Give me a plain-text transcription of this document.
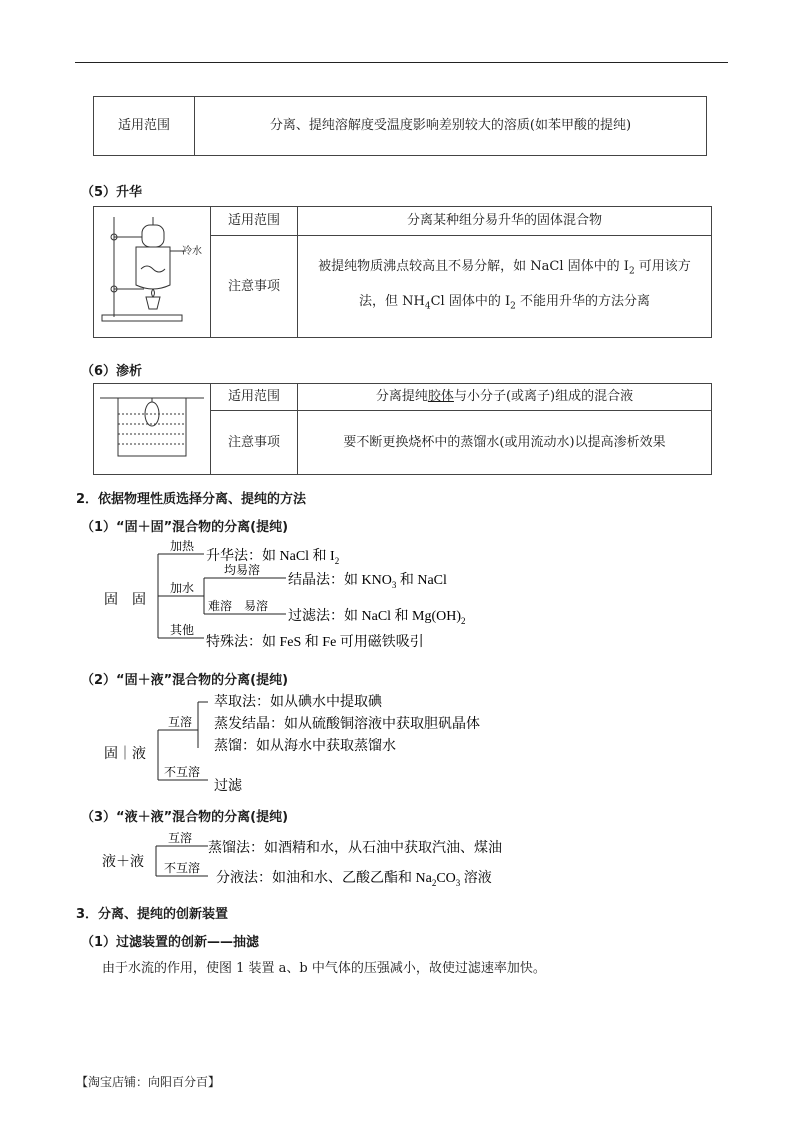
适用范围	分离、提纯溶解度受温度影响差别较大的溶质(如苯甲酸的提纯)
（5）升华
冷水	适用范围	分离某种组分易升华的固体混合物
	注意事项	被提纯物质沸点较高且不易分解，如 NaCl 固体中的 $I_2$ 可用该方
法，但 $NH_4Cl$ 固体中的 $I_2$ 不能用升华的方法分离
（6）渗析
	适用范围	分离提纯胶体与小分子(或离子)组成的混合液
	注意事项	要不断更换烧杯中的蒸馏水(或用流动水)以提高渗析效果
2．依据物理性质选择分离、提纯的方法
（1）“固＋固”混合物的分离(提纯)
固　固
加热
升华法：如 NaCl 和 $I_2$
加水
均易溶
结晶法：如 $KNO_3$ 和 NaCl
难溶　易溶
过滤法：如 NaCl 和 $Mg(OH)_2$
其他
特殊法：如 FeS 和 Fe 可用磁铁吸引
（2）“固＋液”混合物的分离(提纯)
固｜液
互溶
萃取法：如从碘水中提取碘
蒸发结晶：如从硫酸铜溶液中获取胆矾晶体
蒸馏：如从海水中获取蒸馏水
不互溶
过滤
（3）“液＋液”混合物的分离(提纯)
液＋液
互溶
蒸馏法：如酒精和水，从石油中获取汽油、煤油
不互溶
分液法：如油和水、乙酸乙酯和 $Na_2CO_3$ 溶液
3．分离、提纯的创新装置
（1）过滤装置的创新——抽滤
由于水流的作用，使图 1 装置 a、b 中气体的压强减小，故使过滤速率加快。
【淘宝店铺：向阳百分百】
